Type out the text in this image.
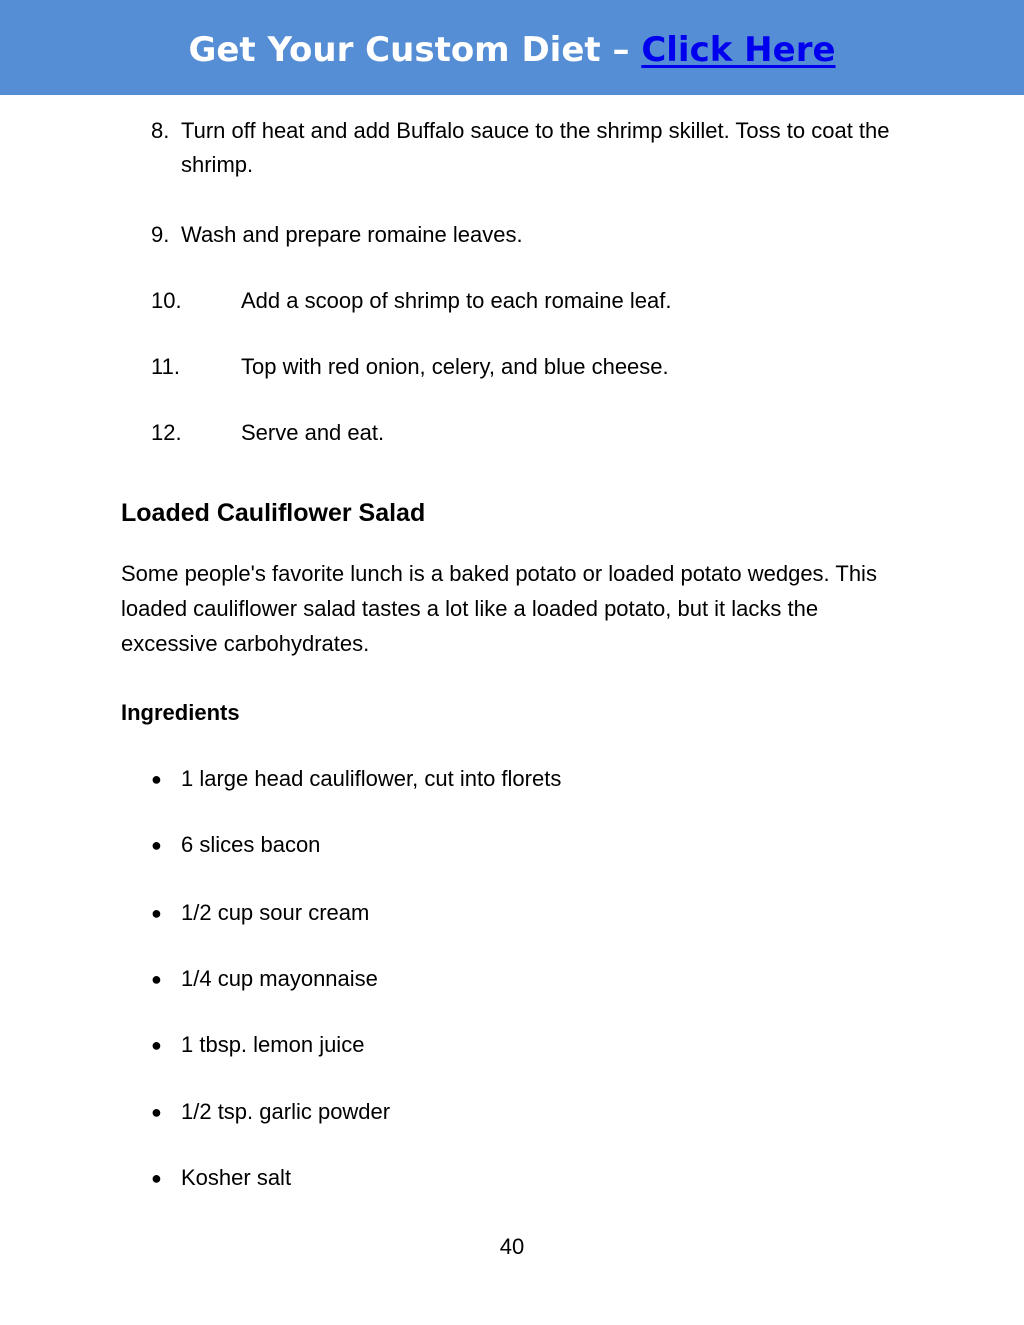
Get Your Custom Diet – Click Here
8. Turn off heat and add Buffalo sauce to the shrimp skillet. Toss to coat the shrimp.
9. Wash and prepare romaine leaves.
10.	Add a scoop of shrimp to each romaine leaf.
11.	Top with red onion, celery, and blue cheese.
12.	Serve and eat.
Loaded Cauliflower Salad

Some people's favorite lunch is a baked potato or loaded potato wedges. This loaded cauliflower salad tastes a lot like a loaded potato, but it lacks the excessive carbohydrates.

Ingredients
● 1 large head cauliflower, cut into florets
● 6 slices bacon
● 1/2 cup sour cream
● 1/4 cup mayonnaise
● 1 tbsp. lemon juice
● 1/2 tsp. garlic powder
● Kosher salt
40
